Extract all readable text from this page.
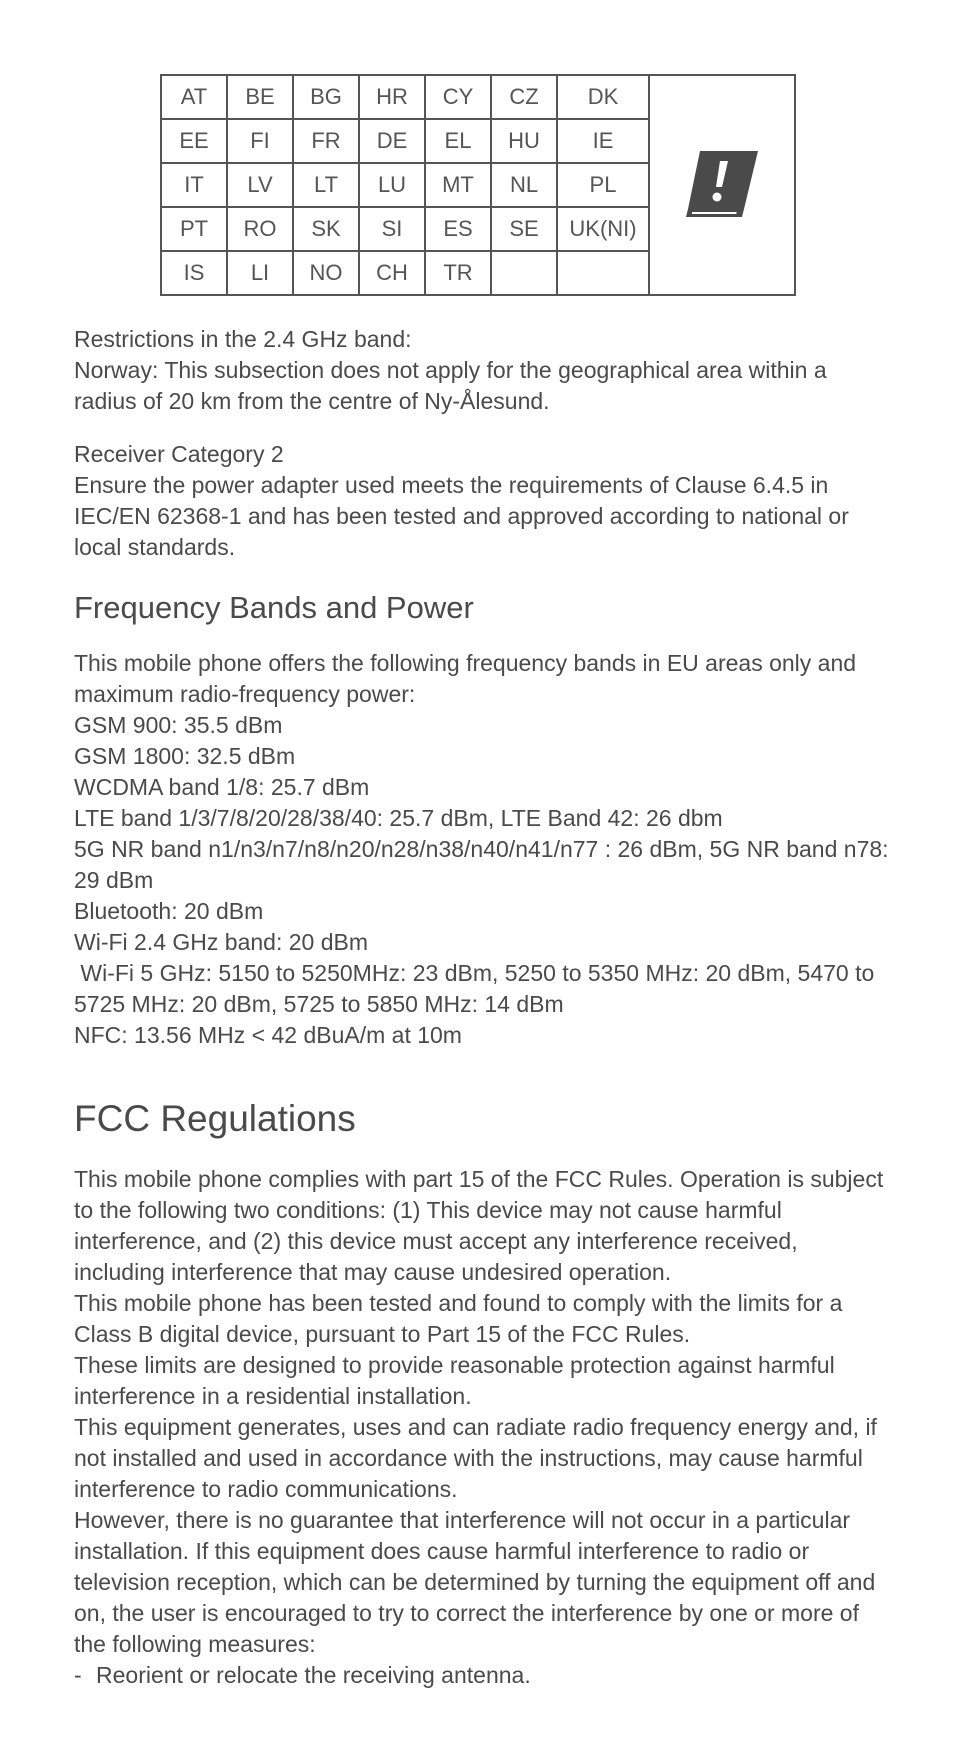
AT	BE	BG	HR	CY	CZ	DK	

EE	FI	FR	DE	EL	HU	IE	
IT	LV	LT	LU	MT	NL	PL	
PT	RO	SK	SI	ES	SE	UK(NI)	
IS	LI	NO	CH	TR			

Restrictions in the 2.4 GHz band:

Norway: This subsection does not apply for the geographical area within a radius of 20 km from the centre of Ny-Ålesund.

Receiver Category 2

Ensure the power adapter used meets the requirements of Clause 6.4.5 in IEC/EN 62368-1 and has been tested and approved according to national or local standards.

Frequency Bands and Power

This mobile phone offers the following frequency bands in EU areas only and maximum radio-frequency power:

GSM 900: 35.5 dBm

GSM 1800: 32.5 dBm

WCDMA band 1/8: 25.7 dBm

LTE band 1/3/7/8/20/28/38/40: 25.7 dBm, LTE Band 42: 26 dbm

5G NR band n1/n3/n7/n8/n20/n28/n38/n40/n41/n77 : 26 dBm, 5G NR band n78: 29 dBm

Bluetooth: 20 dBm

Wi-Fi 2.4 GHz band: 20 dBm

Wi-Fi 5 GHz: 5150 to 5250MHz: 23 dBm, 5250 to 5350 MHz: 20 dBm, 5470 to 5725 MHz: 20 dBm, 5725 to 5850 MHz: 14 dBm

NFC: 13.56 MHz < 42 dBuA/m at 10m

FCC Regulations

This mobile phone complies with part 15 of the FCC Rules. Operation is subject to the following two conditions: (1) This device may not cause harmful interference, and (2) this device must accept any interference received, including interference that may cause undesired operation.

This mobile phone has been tested and found to comply with the limits for a Class B digital device, pursuant to Part 15 of the FCC Rules.

These limits are designed to provide reasonable protection against harmful interference in a residential installation.

This equipment generates, uses and can radiate radio frequency energy and, if not installed and used in accordance with the instructions, may cause harmful interference to radio communications.

However, there is no guarantee that interference will not occur in a particular installation. If this equipment does cause harmful interference to radio or television reception, which can be determined by turning the equipment off and on, the user is encouraged to try to correct the interference by one or more of the following measures:

- Reorient or relocate the receiving antenna.
